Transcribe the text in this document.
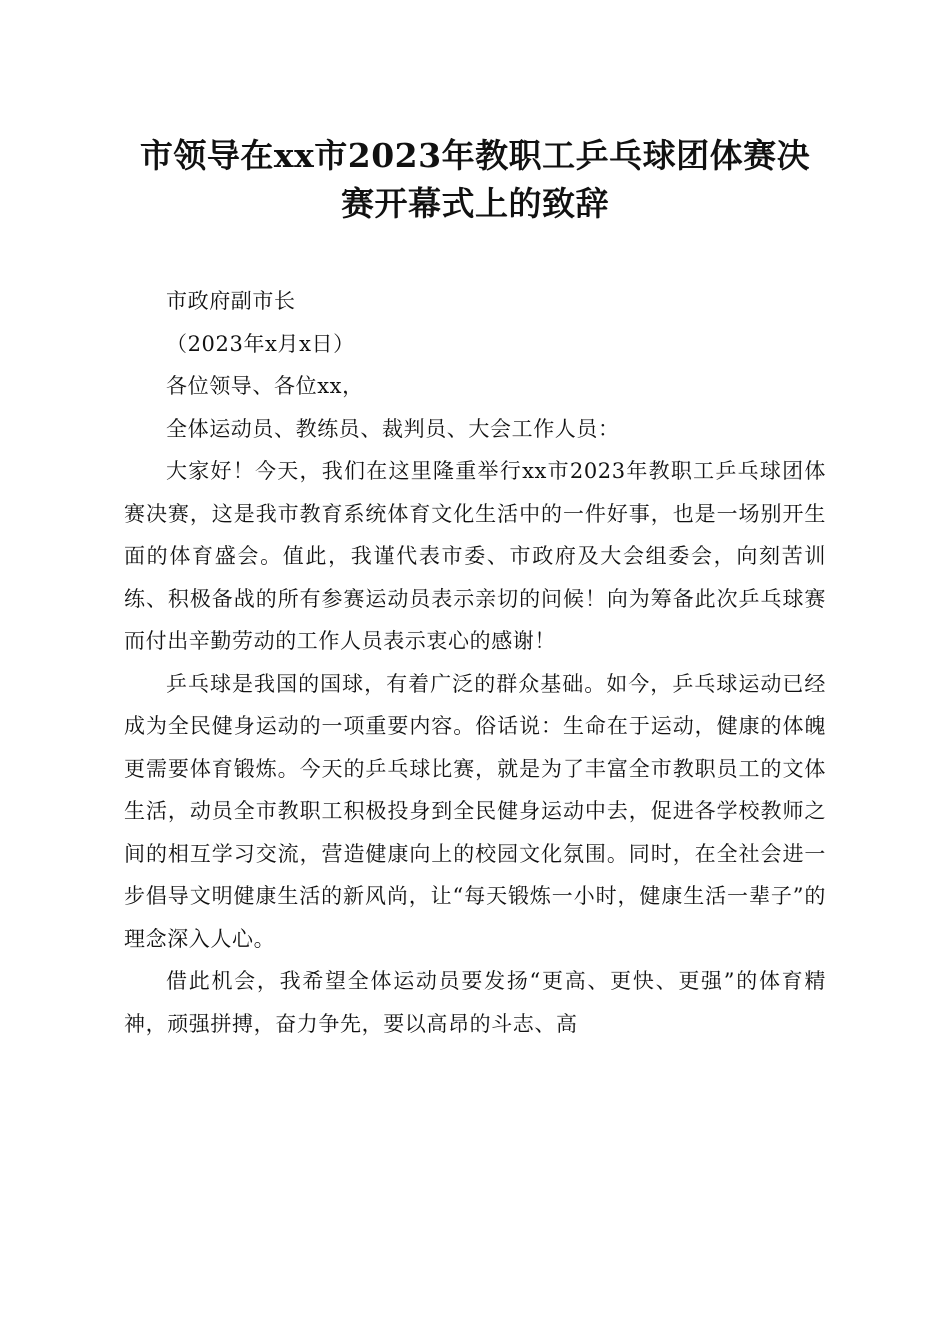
市领导在xx市2023年教职工乒乓球团体赛决
赛开幕式上的致辞

市政府副市长

（2023年x月x日）

各位领导、各位xx，

全体运动员、教练员、裁判员、大会工作人员：

大家好！今天，我们在这里隆重举行xx市2023年教职工乒乓球团体赛决赛，这是我市教育系统体育文化生活中的一件好事，也是一场别开生面的体育盛会。值此，我谨代表市委、市政府及大会组委会，向刻苦训练、积极备战的所有参赛运动员表示亲切的问候！向为筹备此次乒乓球赛而付出辛勤劳动的工作人员表示衷心的感谢！

乒乓球是我国的国球，有着广泛的群众基础。如今，乒乓球运动已经成为全民健身运动的一项重要内容。俗话说：生命在于运动，健康的体魄更需要体育锻炼。今天的乒乓球比赛，就是为了丰富全市教职员工的文体生活，动员全市教职工积极投身到全民健身运动中去，促进各学校教师之间的相互学习交流，营造健康向上的校园文化氛围。同时，在全社会进一步倡导文明健康生活的新风尚，让“每天锻炼一小时，健康生活一辈子”的理念深入人心。

借此机会，我希望全体运动员要发扬“更高、更快、更强”的体育精神，顽强拼搏，奋力争先，要以高昂的斗志、高
